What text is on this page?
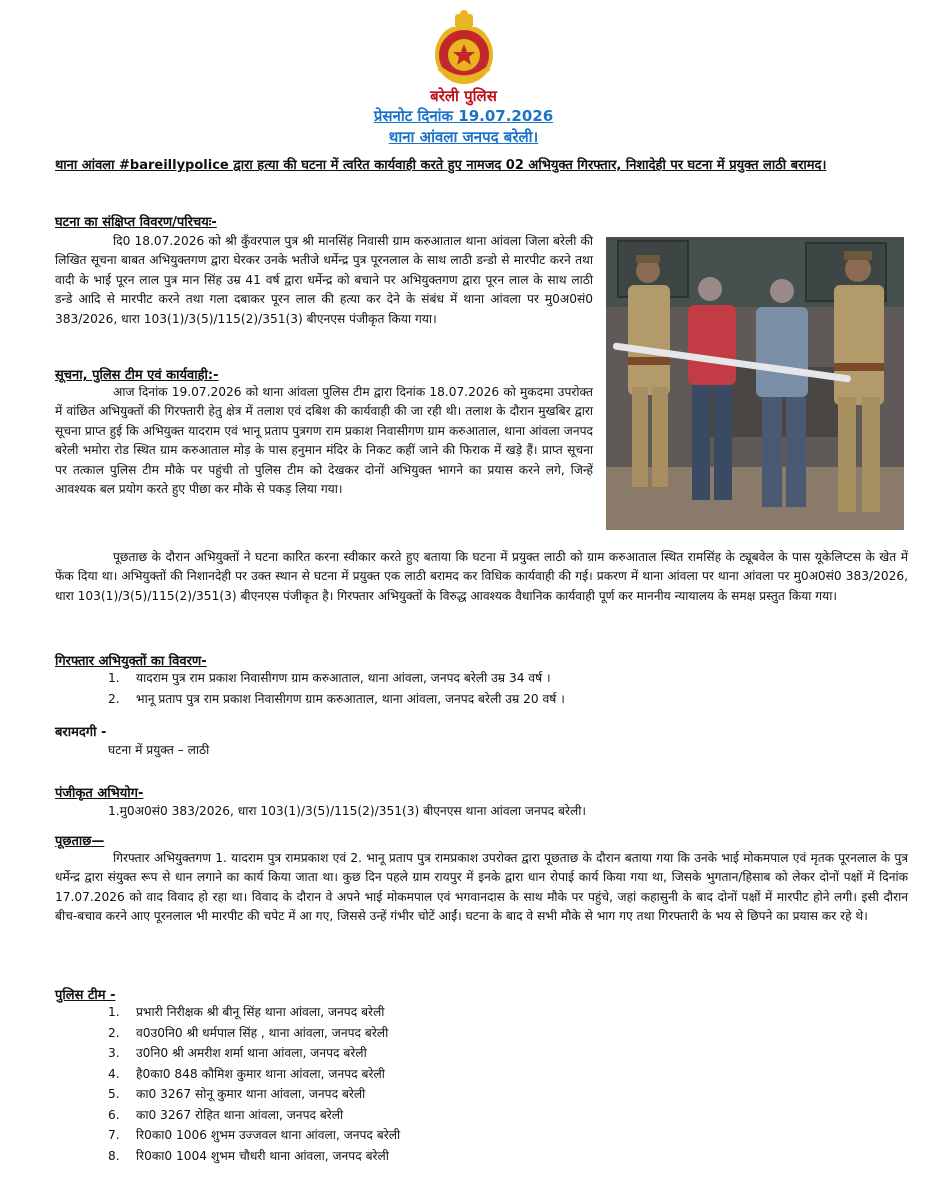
बरेली पुलिस
प्रेसनोट दिनांक 19.07.2026
थाना आंवला जनपद बरेली।
थाना आंवला #bareillypolice द्वारा हत्या की घटना में त्वरित कार्यवाही करते हुए नामजद 02 अभियुक्त गिरफ्तार, निशादेही पर घटना में प्रयुक्त लाठी बरामद।
घटना का संक्षिप्त विवरण/परिचयः-

दि0 18.07.2026 को श्री कुँवरपाल पुत्र श्री मानसिंह निवासी ग्राम करुआताल थाना आंवला जिला बरेली की लिखित सूचना बाबत अभियुक्तगण द्वारा घेरकर उनके भतीजे धर्मेन्द्र पुत्र पूरनलाल के साथ लाठी डन्डो से मारपीट करने तथा वादी के भाई पूरन लाल पुत्र मान सिंह उम्र 41 वर्ष द्वारा धर्मेन्द्र को बचाने पर अभियुक्तगण द्वारा पूरन लाल के साथ लाठी डन्डे आदि से मारपीट करने तथा गला दबाकर पूरन लाल की हत्या कर देने के संबंध में थाना आंवला पर मु0अ0सं0 383/2026, धारा 103(1)/3(5)/115(2)/351(3) बीएनएस पंजीकृत किया गया।

सूचना, पुलिस टीम एवं कार्यवाही:-

आज दिनांक 19.07.2026 को थाना आंवला पुलिस टीम द्वारा दिनांक 18.07.2026 को मुकदमा उपरोक्त में वांछित अभियुक्तों की गिरफ्तारी हेतु क्षेत्र में तलाश एवं दबिश की कार्यवाही की जा रही थी। तलाश के दौरान मुखबिर द्वारा सूचना प्राप्त हुई कि अभियुक्त यादराम एवं भानू प्रताप पुत्रगण राम प्रकाश निवासीगण ग्राम करुआताल, थाना आंवला जनपद बरेली भमोरा रोड स्थित ग्राम करुआताल मोड़ के पास हनुमान मंदिर के निकट कहीं जाने की फिराक में खड़े हैं। प्राप्त सूचना पर तत्काल पुलिस टीम मौके पर पहुंची तो पुलिस टीम को देखकर दोनों अभियुक्त भागने का प्रयास करने लगे, जिन्हें आवश्यक बल प्रयोग करते हुए पीछा कर मौके से पकड़ लिया गया।

पूछताछ के दौरान अभियुक्तों ने घटना कारित करना स्वीकार करते हुए बताया कि घटना में प्रयुक्त लाठी को ग्राम करुआताल स्थित रामसिंह के ट्यूबवेल के पास यूकेलिप्टस के खेत में फेंक दिया था। अभियुक्तों की निशानदेही पर उक्त स्थान से घटना में प्रयुक्त एक लाठी बरामद कर विधिक कार्यवाही की गई। प्रकरण में थाना आंवला पर थाना आंवला पर मु0अ0सं0 383/2026, धारा 103(1)/3(5)/115(2)/351(3) बीएनएस पंजीकृत है। गिरफ्तार अभियुक्तों के विरुद्ध आवश्यक वैधानिक कार्यवाही पूर्ण कर माननीय न्यायालय के समक्ष प्रस्तुत किया गया।

गिरफ्तार अभियुक्तों का विवरण-
1. यादराम पुत्र राम प्रकाश निवासीगण ग्राम करुआताल, थाना आंवला, जनपद बरेली उम्र 34 वर्ष ।
2. भानू प्रताप पुत्र राम प्रकाश निवासीगण ग्राम करुआताल, थाना आंवला, जनपद बरेली उम्र 20 वर्ष ।
बरामदगी -
घटना में प्रयुक्त – लाठी
पंजीकृत अभियोग-
1.मु0अ0सं0 383/2026, धारा 103(1)/3(5)/115(2)/351(3) बीएनएस थाना आंवला जनपद बरेली।
पूछताछ—

गिरफ्तार अभियुक्तगण 1. यादराम पुत्र रामप्रकाश एवं 2. भानू प्रताप पुत्र रामप्रकाश उपरोक्त द्वारा पूछताछ के दौरान बताया गया कि उनके भाई मोकमपाल एवं मृतक पूरनलाल के पुत्र धर्मेन्द्र द्वारा संयुक्त रूप से धान लगाने का कार्य किया जाता था। कुछ दिन पहले ग्राम रायपुर में इनके द्वारा धान रोपाई कार्य किया गया था, जिसके भुगतान/हिसाब को लेकर दोनों पक्षों में दिनांक 17.07.2026 को वाद विवाद हो रहा था। विवाद के दौरान वे अपने भाई मोकमपाल एवं भगवानदास के साथ मौके पर पहुंचे, जहां कहासुनी के बाद दोनों पक्षों में मारपीट होने लगी। इसी दौरान बीच-बचाव करने आए पूरनलाल भी मारपीट की चपेट में आ गए, जिससे उन्हें गंभीर चोटें आईं। घटना के बाद वे सभी मौके से भाग गए तथा गिरफ्तारी के भय से छिपने का प्रयास कर रहे थे।

पुलिस टीम -
1. प्रभारी निरीक्षक श्री बीनू सिंह थाना आंवला, जनपद बरेली
2. व0उ0नि0 श्री धर्मपाल सिंह , थाना आंवला, जनपद बरेली
3. उ0नि0 श्री अमरीश शर्मा थाना आंवला, जनपद बरेली
4. है0का0 848 कौमिश कुमार थाना आंवला, जनपद बरेली
5. का0 3267 सोनू कुमार थाना आंवला, जनपद बरेली
6. का0 3267 रोहित थाना आंवला, जनपद बरेली
7. रि0का0 1006 शुभम उज्जवल थाना आंवला, जनपद बरेली
8. रि0का0 1004 शुभम चौधरी थाना आंवला, जनपद बरेली
